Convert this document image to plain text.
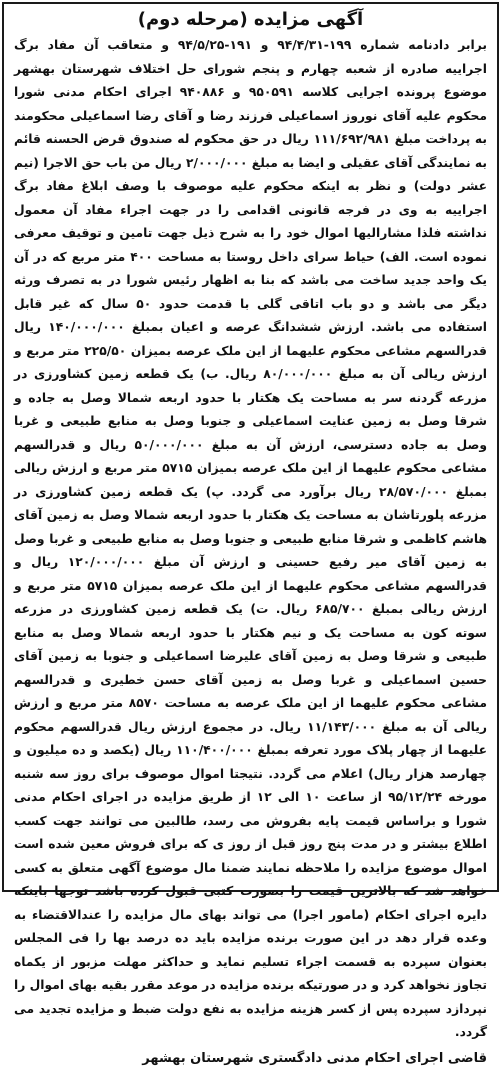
آگهی مزایده (مرحله دوم)

برابر دادنامه شماره ۱۹۹-۹۴/۴/۳۱ و ۱۹۱-۹۴/۵/۲۵ و متعاقب آن مفاد برگ اجراییه صادره از شعبه چهارم و پنجم شورای حل اختلاف شهرستان بهشهر موضوع پرونده اجرایی کلاسه ۹۵۰۵۹۱ و ۹۴۰۸۸۶ اجرای احکام مدنی شورا محکوم علیه آقای نوروز اسماعیلی فرزند رضا و آقای رضا اسماعیلی محکومند به پرداخت مبلغ ۱۱۱/۶۹۲/۹۸۱ ریال در حق محکوم له صندوق قرض الحسنه قائم به نمایندگی آقای عقیلی و ایضا به مبلغ ۲/۰۰۰/۰۰۰ ریال من باب حق الاجرا (نیم عشر دولت) و نظر به اینکه محکوم علیه موصوف با وصف ابلاغ مفاد برگ اجراییه به وی در فرجه قانونی اقدامی را در جهت اجراء مفاد آن معمول نداشته فلذا مشارالیها اموال خود را به شرح ذیل جهت تامین و توقیف معرفی نموده است. الف) حیاط سرای داخل روستا به مساحت ۴۰۰ متر مربع که در آن یک واحد جدید ساخت می باشد که بنا به اظهار رئیس شورا در به تصرف ورثه دیگر می باشد و دو باب اتاقی گلی با قدمت حدود ۵۰ سال که غیر قابل استفاده می باشد. ارزش ششدانگ عرصه و اعیان بمبلغ ۱۴۰/۰۰۰/۰۰۰ ریال قدرالسهم مشاعی محکوم علیهما از این ملک عرصه بمیزان ۲۲۵/۵۰ متر مربع و ارزش ریالی آن به مبلغ ۸۰/۰۰۰/۰۰۰ ریال. ب) یک قطعه زمین کشاورزی در مزرعه گردنه سر به مساحت یک هکتار با حدود اربعه شمالا وصل به جاده و شرقا وصل به زمین عنایت اسماعیلی و جنوبا وصل به منابع طبیعی و غربا وصل به جاده دسترسی، ارزش آن به مبلغ ۵۰/۰۰۰/۰۰۰ ریال و قدرالسهم مشاعی محکوم علیهما از این ملک عرصه بمیزان ۵۷۱۵ متر مربع و ارزش ریالی بمبلغ ۲۸/۵۷۰/۰۰۰ ریال برآورد می گردد. پ) یک قطعه زمین کشاورزی در مزرعه پلورتاشان به مساحت یک هکتار با حدود اربعه شمالا وصل به زمین آقای هاشم کاظمی و شرقا منابع طبیعی و جنوبا وصل به منابع طبیعی و غربا وصل به زمین آقای میر رفیع حسینی و ارزش آن مبلغ ۱۲۰/۰۰۰/۰۰۰ ریال و قدرالسهم مشاعی محکوم علیهما از این ملک عرصه بمیزان ۵۷۱۵ متر مربع و ارزش ریالی بمبلغ ۶۸۵/۷۰۰ ریال. ت) یک قطعه زمین کشاورزی در مزرعه سوته کون به مساحت یک و نیم هکتار با حدود اربعه شمالا وصل به منابع طبیعی و شرقا وصل به زمین آقای علیرضا اسماعیلی و جنوبا به زمین آقای حسین اسماعیلی و غربا وصل به زمین آقای حسن خطیری و قدرالسهم مشاعی محکوم علیهما از این ملک عرصه به مساحت ۸۵۷۰ متر مربع و ارزش ریالی آن به مبلغ ۱۱/۱۴۳/۰۰۰ ریال. در مجموع ارزش ریال قدرالسهم محکوم علیهما از چهار پلاک مورد تعرفه بمبلغ ۱۱۰/۴۰۰/۰۰۰ ریال (یکصد و ده میلیون و چهارصد هزار ریال) اعلام می گردد. نتیجتا اموال موصوف برای روز سه شنبه مورخه ۹۵/۱۲/۲۴ از ساعت ۱۰ الی ۱۲ از طریق مزایده در اجرای احکام مدنی شورا و براساس قیمت پایه بفروش می رسد، طالبین می توانند جهت کسب اطلاع بیشتر و در مدت پنج روز قبل از روز ی که برای فروش معین شده است اموال موضوع مزایده را ملاحظه نمایند ضمنا مال موضوع آگهی متعلق به کسی خواهد شد که بالاترین قیمت را بصورت کتبی قبول کرده باشد توجها باینکه دایره اجرای احکام (مامور اجرا) می تواند بهای مال مزایده را عندالاقتضاء به وعده قرار دهد در این صورت برنده مزایده باید ده درصد بها را فی المجلس بعنوان سپرده به قسمت اجراء تسلیم نماید و حداکثر مهلت مزبور از یکماه تجاوز نخواهد کرد و در صورتیکه برنده مزایده در موعد مقرر بقیه بهای اموال را نپردازد سپرده پس از کسر هزینه مزایده به نفع دولت ضبط و مزایده تجدید می گردد.

قاضی اجرای احکام مدنی دادگستری شهرستان بهشهر
